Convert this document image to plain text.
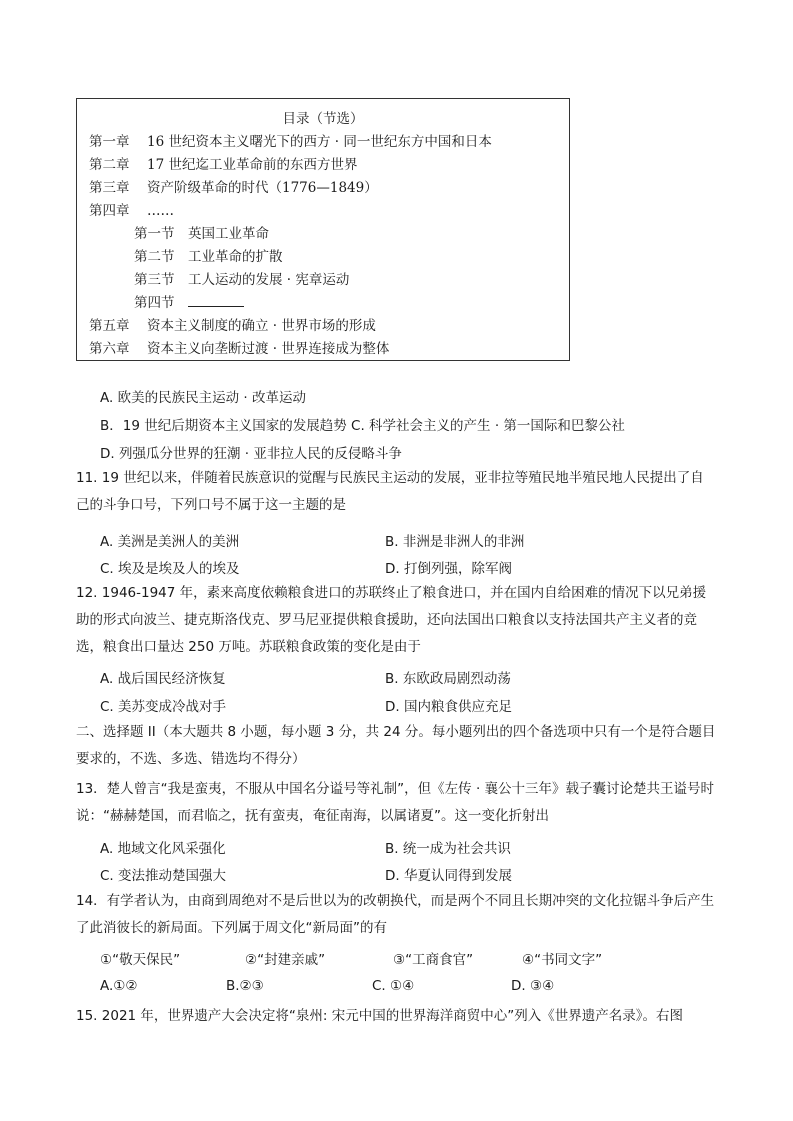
目录（节选）
第一章 16 世纪资本主义曙光下的西方 · 同一世纪东方中国和日本
第二章 17 世纪迄工业革命前的东西方世界
第三章 资产阶级革命的时代（1776—1849）
第四章 ……
第一节 英国工业革命
第二节 工业革命的扩散
第三节 工人运动的发展 · 宪章运动
第四节
第五章 资本主义制度的确立 · 世界市场的形成
第六章 资本主义向垄断过渡 · 世界连接成为整体
A. 欧美的民族民主运动 · 改革运动
B．19 世纪后期资本主义国家的发展趋势 C. 科学社会主义的产生 · 第一国际和巴黎公社
D. 列强瓜分世界的狂潮 · 亚非拉人民的反侵略斗争
11. 19 世纪以来，伴随着民族意识的觉醒与民族民主运动的发展，亚非拉等殖民地半殖民地人民提出了自己的斗争口号，下列口号不属于这一主题的是
A. 美洲是美洲人的美洲	B. 非洲是非洲人的非洲
C. 埃及是埃及人的埃及	D. 打倒列强，除军阀
12. 1946-1947 年，素来高度依赖粮食进口的苏联终止了粮食进口，并在国内自给困难的情况下以兄弟援助的形式向波兰、捷克斯洛伐克、罗马尼亚提供粮食援助，还向法国出口粮食以支持法国共产主义者的竞选，粮食出口量达 250 万吨。苏联粮食政策的变化是由于
A. 战后国民经济恢复	B. 东欧政局剧烈动荡
C. 美苏变成冷战对手	D. 国内粮食供应充足
二、选择题 II（本大题共 8 小题，每小题 3 分，共 24 分。每小题列出的四个备选项中只有一个是符合题目要求的，不选、多选、错选均不得分）
13．楚人曾言“我是蛮夷，不服从中国名分谥号等礼制”，但《左传 · 襄公十三年》载子囊讨论楚共王谥号时说：“赫赫楚国，而君临之，抚有蛮夷，奄征南海，以属诸夏”。这一变化折射出
A. 地域文化风采强化	B. 统一成为社会共识
C. 变法推动楚国强大	D. 华夏认同得到发展
14．有学者认为，由商到周绝对不是后世以为的改朝换代，而是两个不同且长期冲突的文化拉锯斗争后产生了此消彼长的新局面。下列属于周文化“新局面”的有
①“敬天保民”	②“封建亲戚”	③“工商食官”	④“书同文字”
A.①②	B.②③	C. ①④	D. ③④
15. 2021 年，世界遗产大会决定将“泉州: 宋元中国的世界海洋商贸中心”列入《世界遗产名录》。右图
